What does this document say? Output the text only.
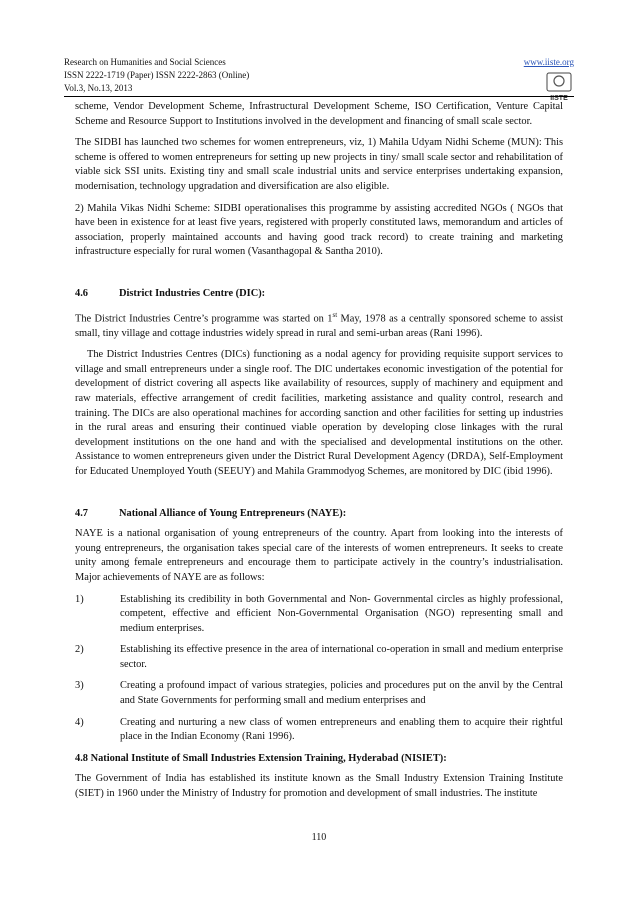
Research on Humanities and Social Sciences
ISSN 2222-1719 (Paper) ISSN 2222-2863 (Online)
Vol.3, No.13, 2013
www.iiste.org
IISTE

scheme, Vendor Development Scheme, Infrastructural Development Scheme, ISO Certification, Venture Capital Scheme and Resource Support to Institutions involved in the development and financing of small scale sector.

The SIDBI has launched two schemes for women entrepreneurs, viz, 1) Mahila Udyam Nidhi Scheme (MUN): This scheme is offered to women entrepreneurs for setting up new projects in tiny/ small scale sector and rehabilitation of viable sick SSI units. Existing tiny and small scale industrial units and service enterprises undertaking expansion, modernisation, technology upgradation and diversification are also eligible.

2) Mahila Vikas Nidhi Scheme: SIDBI operationalises this programme by assisting accredited NGOs ( NGOs that have been in existence for at least five years, registered with properly constituted laws, memorandum and articles of association, properly maintained accounts and having good track record) to create training and marketing infrastructure especially for rural women (Vasanthagopal & Santha 2010).

4.6	District Industries Centre (DIC):

The District Industries Centre’s programme was started on 1st May, 1978 as a centrally sponsored scheme to assist small, tiny village and cottage industries widely spread in rural and semi-urban areas (Rani 1996).

The District Industries Centres (DICs) functioning as a nodal agency for providing requisite support services to village and small entrepreneurs under a single roof. The DIC undertakes economic investigation of the potential for development of district covering all aspects like availability of resources, supply of machinery and equipment and raw materials, effective arrangement of credit facilities, marketing assistance and quality control, research and training. The DICs are also operational machines for according sanction and other facilities for setting up industries in the rural areas and ensuring their continued viable operation by developing close linkages with the rural development institutions on the one hand and with the specialised and developmental institutions on the other. Assistance to women entrepreneurs given under the District Rural Development Agency (DRDA), Self-Employment for Educated Unemployed Youth (SEEUY) and Mahila Grammodyog Schemes, are monitored by DIC (ibid 1996).

4.7	National Alliance of Young Entrepreneurs (NAYE):

NAYE is a national organisation of young entrepreneurs of the country. Apart from looking into the interests of young entrepreneurs, the organisation takes special care of the interests of women entrepreneurs. It seeks to create unity among female entrepreneurs and encourage them to participate actively in the country’s industrialisation. Major achievements of NAYE are as follows:

1)	Establishing its credibility in both Governmental and Non- Governmental circles as highly professional, competent, effective and efficient Non-Governmental Organisation (NGO) representing small and medium enterprises.
2)	Establishing its effective presence in the area of international co-operation in small and medium enterprise sector.
3)	Creating a profound impact of various strategies, policies and procedures put on the anvil by the Central and State Governments for performing small and medium enterprises and
4)	Creating and nurturing a new class of women entrepreneurs and enabling them to acquire their rightful place in the Indian Economy (Rani 1996).
4.8 National Institute of Small Industries Extension Training, Hyderabad (NISIET):

The Government of India has established its institute known as the Small Industry Extension Training Institute (SIET) in 1960 under the Ministry of Industry for promotion and development of small industries. The institute

110
